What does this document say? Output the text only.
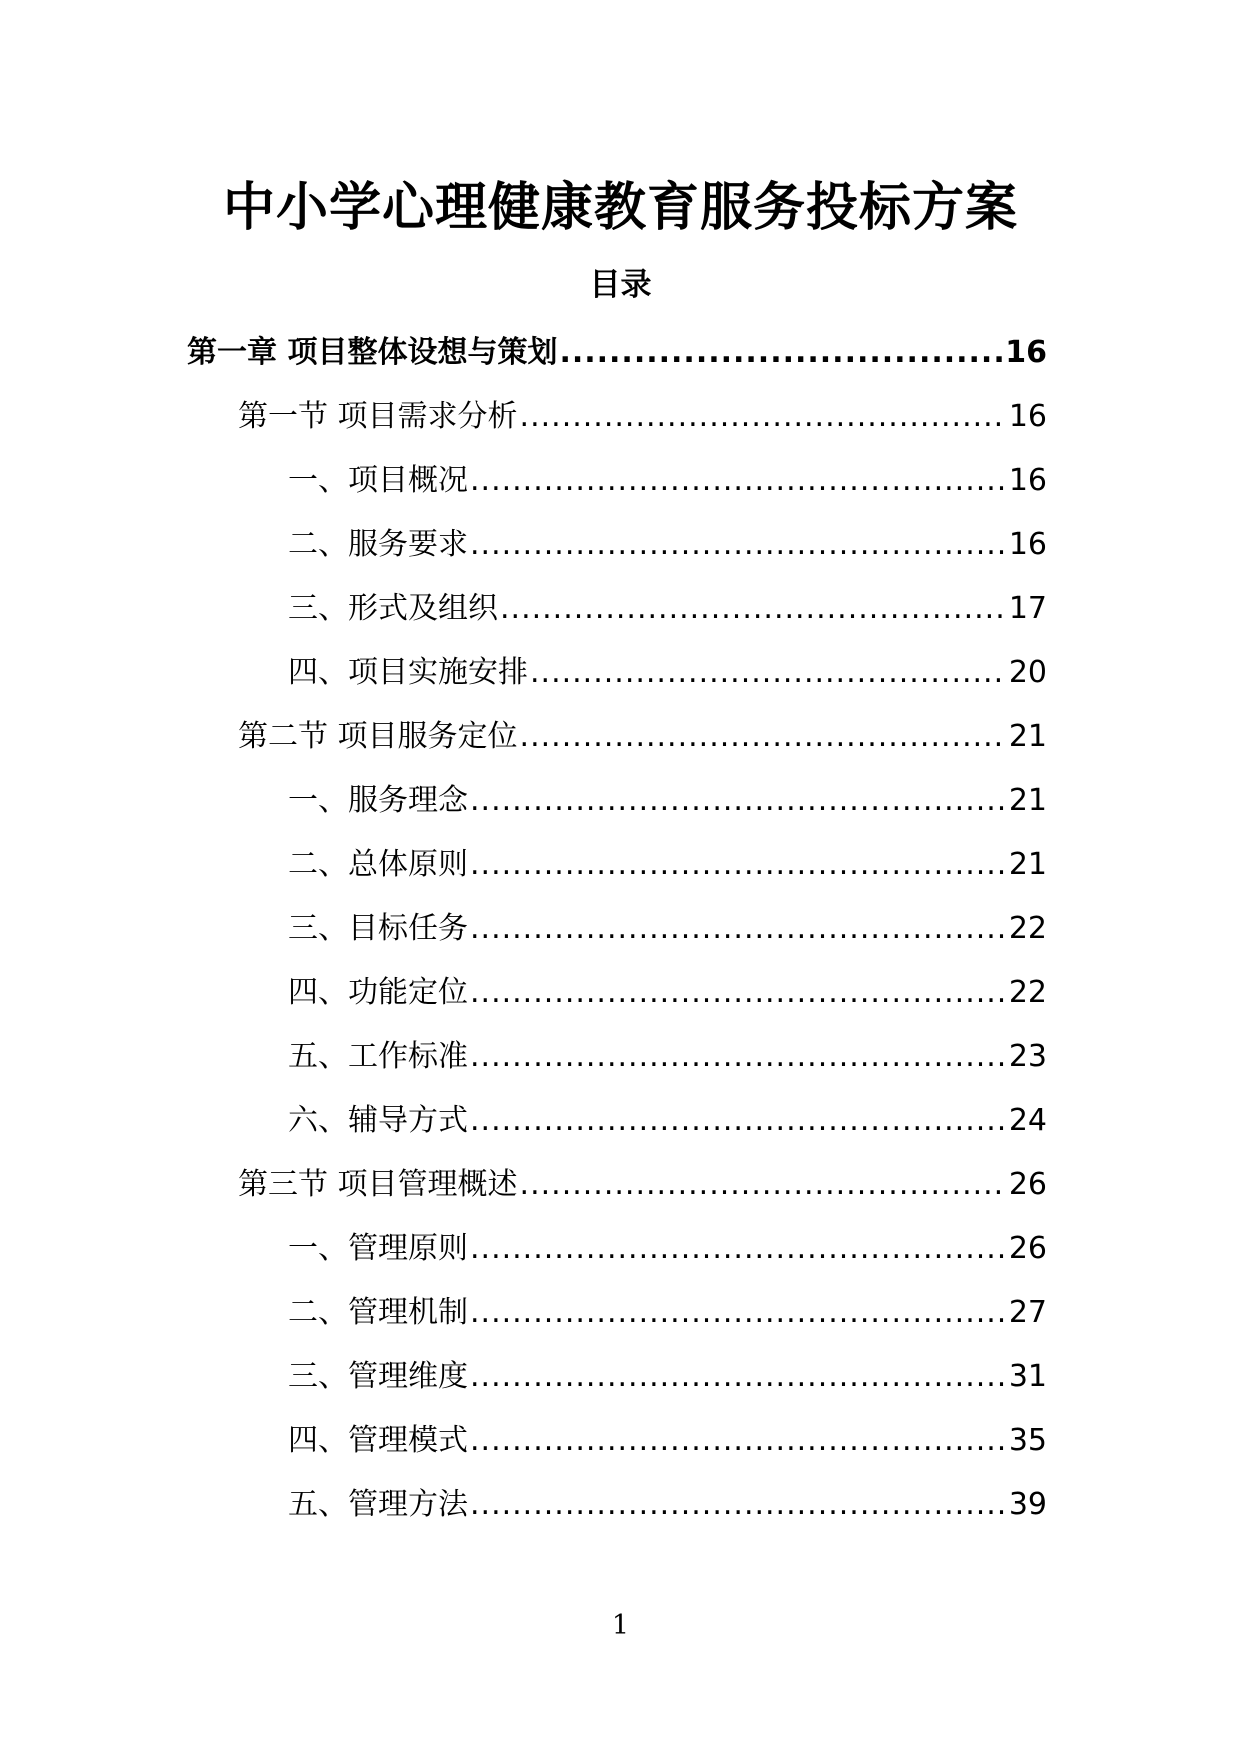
中小学心理健康教育服务投标方案
目录
第一章 项目整体设想与策划 .....	16
第一节 项目需求分析 .....	16
一、项目概况 .....	16
二、服务要求 .....	16
三、形式及组织 .....	17
四、项目实施安排 .....	20
第二节 项目服务定位 .....	21
一、服务理念 .....	21
二、总体原则 .....	21
三、目标任务 .....	22
四、功能定位 .....	22
五、工作标准 .....	23
六、辅导方式 .....	24
第三节 项目管理概述 .....	26
一、管理原则 .....	26
二、管理机制 .....	27
三、管理维度 .....	31
四、管理模式 .....	35
五、管理方法 .....	39
1
